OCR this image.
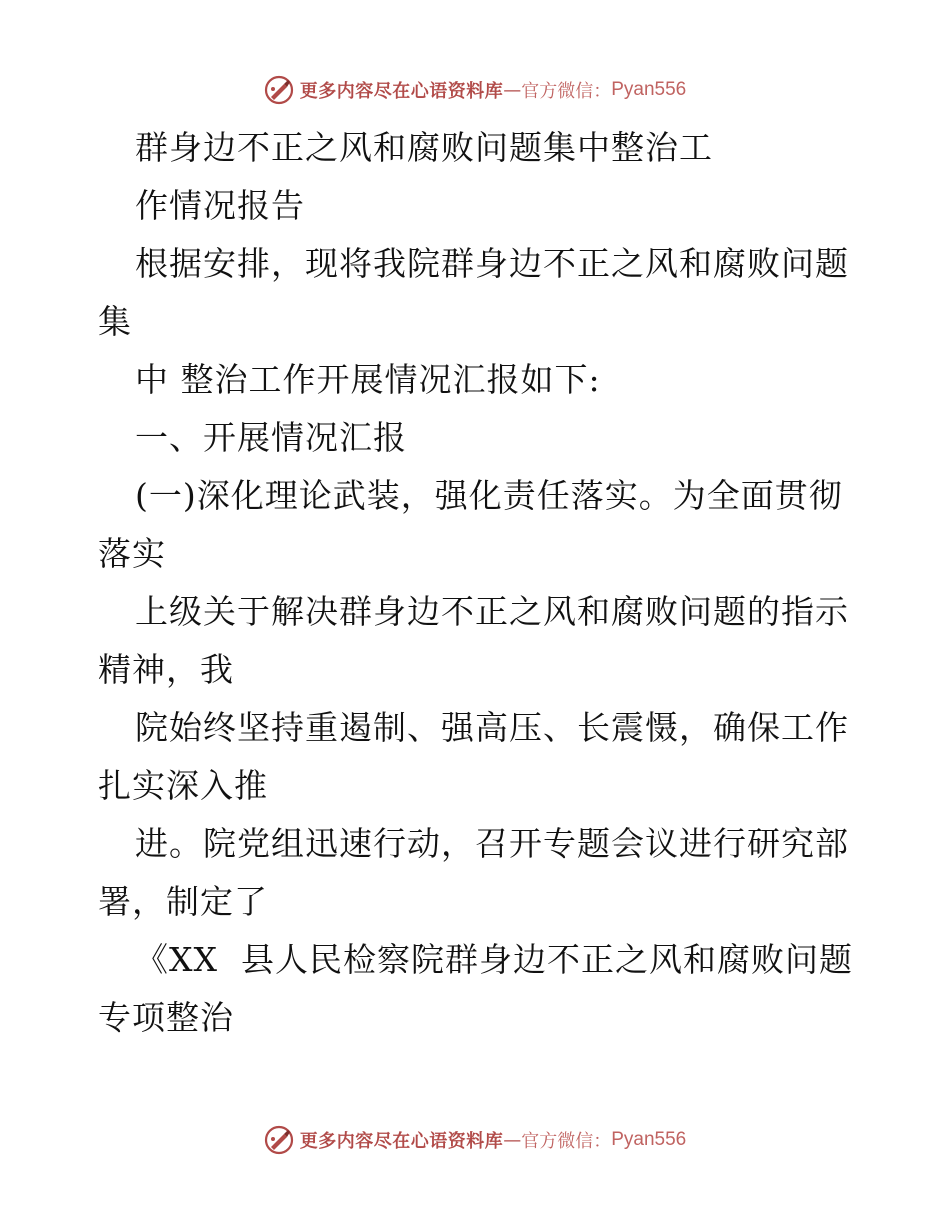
更多内容尽在心语资料库 — 官方微信： Pyan556
群身边不正之风和腐败问题集中整治工
作情况报告
根据安排，现将我院群身边不正之风和腐败问题
集
中 整治工作开展情况汇报如下:
一、开展情况汇报
(一)深化理论武装，强化责任落实。为全面贯彻
落实
上级关于解决群身边不正之风和腐败问题的指示
精神，我
院始终坚持重遏制、强高压、长震慑，确保工作
扎实深入推
进。院党组迅速行动，召开专题会议进行研究部
署，制定了
《XX  县人民检察院群身边不正之风和腐败问题
专项整治
更多内容尽在心语资料库 — 官方微信： Pyan556
